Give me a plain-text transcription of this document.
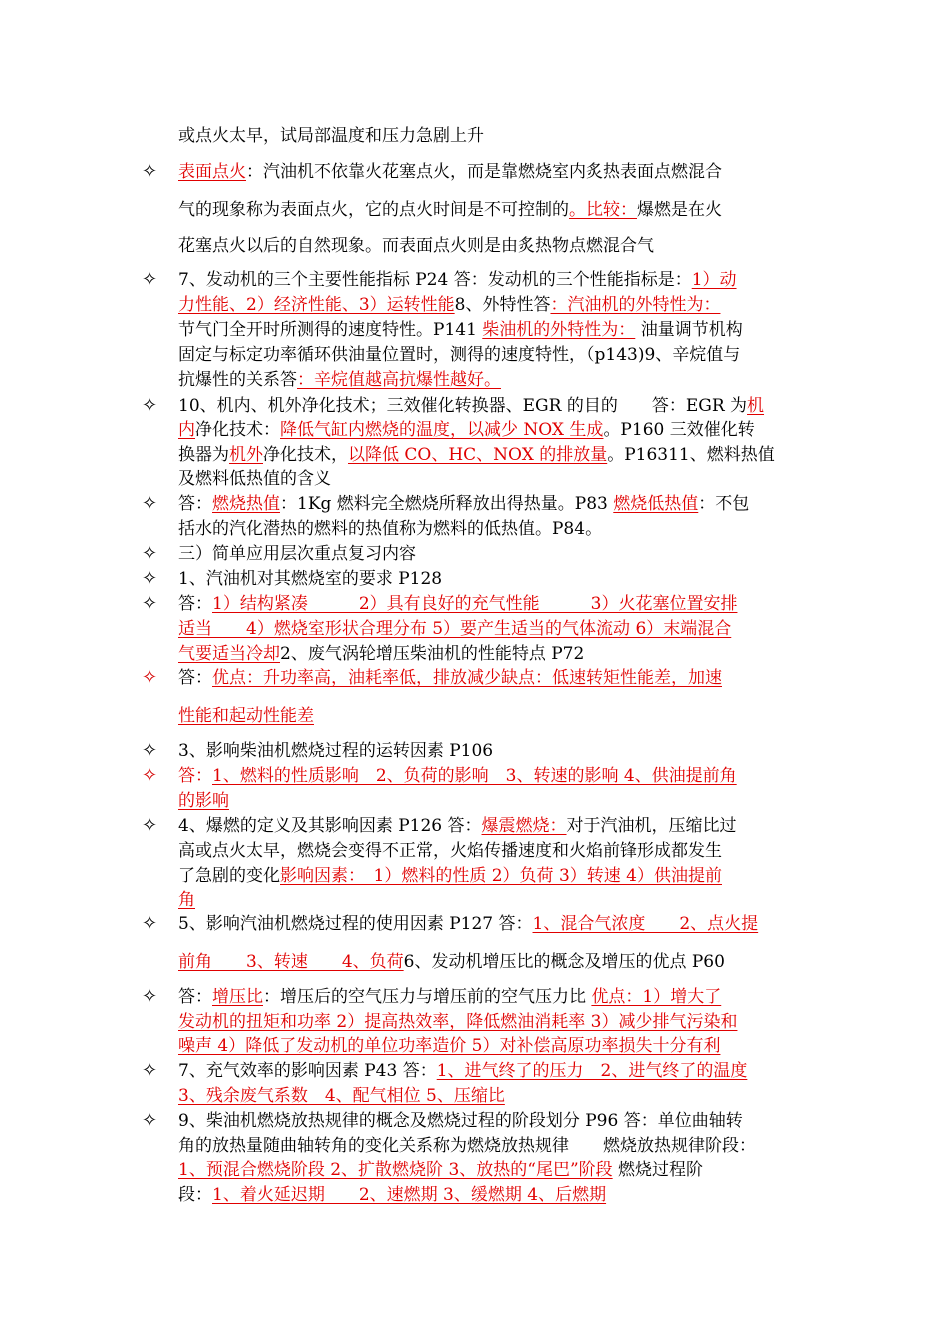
✧
✧
✧
✧
✧
✧
✧
✧
✧
✧
✧
✧
✧
✧
✧
或点火太早，试局部温度和压力急剧上升
表面点火：汽油机不依靠火花塞点火，而是靠燃烧室内炙热表面点燃混合
气的现象称为表面点火，它的点火时间是不可控制的。比较：爆燃是在火
花塞点火以后的自然现象。而表面点火则是由炙热物点燃混合气
7、发动机的三个主要性能指标 P24 答：发动机的三个性能指标是：1）动
力性能、2）经济性能、3）运转性能8、外特性答：汽油机的外特性为：
节气门全开时所测得的速度特性。P141 柴油机的外特性为： 油量调节机构
固定与标定功率循环供油量位置时，测得的速度特性，（p143)9、辛烷值与
抗爆性的关系答：辛烷值越高抗爆性越好。
10、机内、机外净化技术；三效催化转换器、EGR 的目的　　答：EGR 为机
内净化技术：降低气缸内燃烧的温度，以减少 NOX 生成。P160 三效催化转
换器为机外净化技术，以降低 CO、HC、NOX 的排放量。P16311、燃料热值
及燃料低热值的含义
答：燃烧热值：1Kg 燃料完全燃烧所释放出得热量。P83 燃烧低热值：不包
括水的汽化潜热的燃料的热值称为燃料的低热值。P84。
三）简单应用层次重点复习内容
1、汽油机对其燃烧室的要求 P128
答：1）结构紧凑　　　2）具有良好的充气性能　　　3）火花塞位置安排
适当　　4）燃烧室形状合理分布 5）要产生适当的气体流动 6）末端混合
气要适当冷却2、废气涡轮增压柴油机的性能特点 P72
答：优点：升功率高，油耗率低，排放减少缺点：低速转矩性能差，加速
性能和起动性能差
3、影响柴油机燃烧过程的运转因素 P106
答：1、燃料的性质影响　2、负荷的影响　3、转速的影响 4、供油提前角
的影响
4、爆燃的定义及其影响因素 P126 答：爆震燃烧：对于汽油机，压缩比过
高或点火太早，燃烧会变得不正常，火焰传播速度和火焰前锋形成都发生
了急剧的变化影响因素：　1）燃料的性质 2）负荷 3）转速 4）供油提前
角
5、影响汽油机燃烧过程的使用因素 P127 答：1、混合气浓度　　2、点火提
前角　　3、转速　　4、负荷6、发动机增压比的概念及增压的优点 P60
答：增压比：增压后的空气压力与增压前的空气压力比 优点：1）增大了
发动机的扭矩和功率 2）提高热效率，降低燃油消耗率 3）减少排气污染和
噪声 4）降低了发动机的单位功率造价 5）对补偿高原功率损失十分有利
7、充气效率的影响因素 P43 答：1、进气终了的压力　2、进气终了的温度
3、残余废气系数　4、配气相位 5、压缩比
9、柴油机燃烧放热规律的概念及燃烧过程的阶段划分 P96 答：单位曲轴转
角的放热量随曲轴转角的变化关系称为燃烧放热规律　　燃烧放热规律阶段：
1、预混合燃烧阶段 2、扩散燃烧阶 3、放热的“尾巴”阶段 燃烧过程阶
段：1、着火延迟期　　2、速燃期 3、缓燃期 4、后燃期
